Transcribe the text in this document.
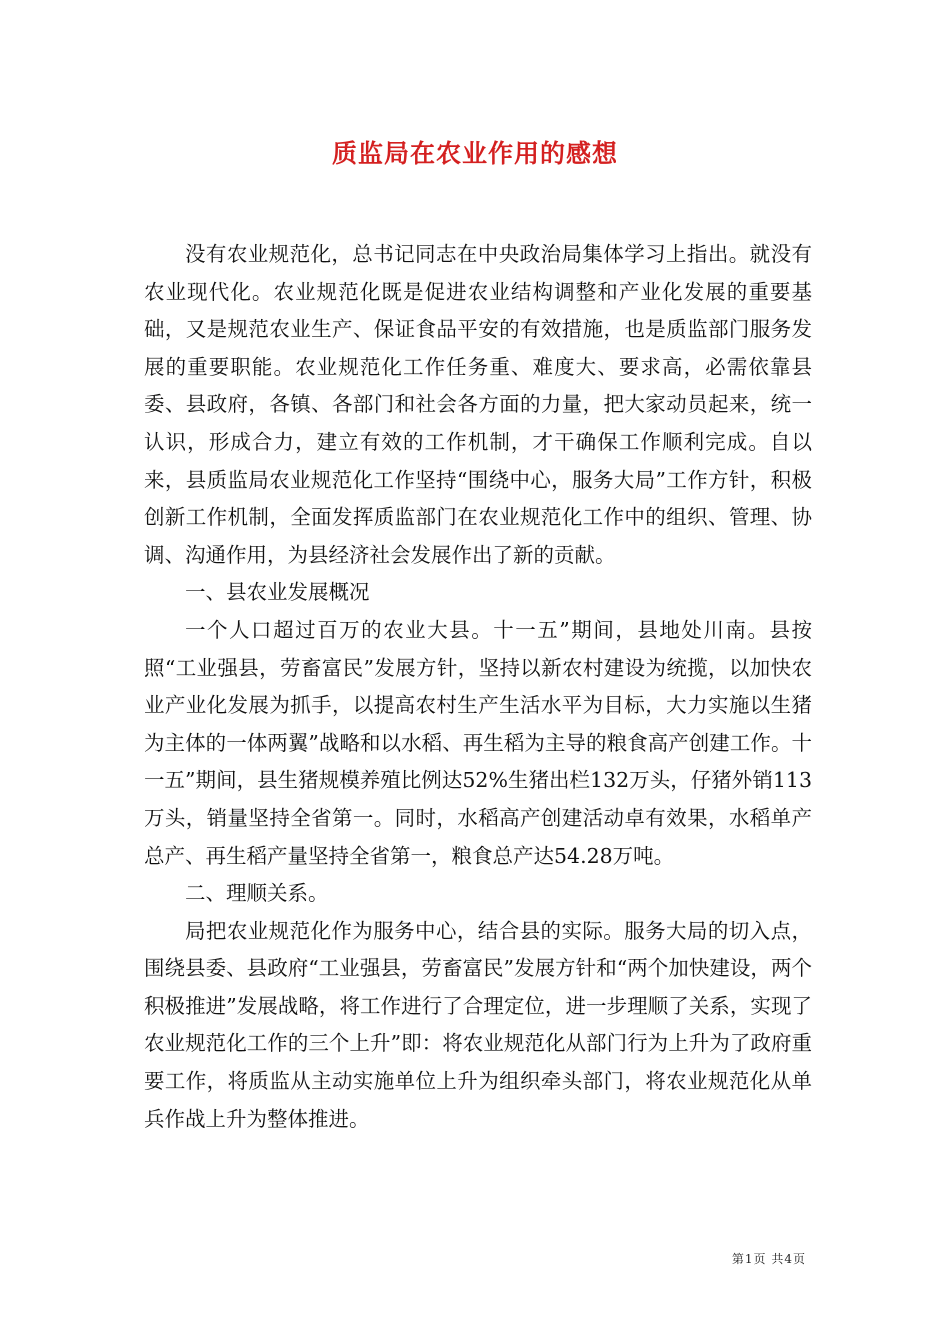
质监局在农业作用的感想

没有农业规范化，总书记同志在中央政治局集体学习上指出。就没有农业现代化。农业规范化既是促进农业结构调整和产业化发展的重要基础，又是规范农业生产、保证食品平安的有效措施，也是质监部门服务发展的重要职能。农业规范化工作任务重、难度大、要求高，必需依靠县委、县政府，各镇、各部门和社会各方面的力量，把大家动员起来，统一认识，形成合力，建立有效的工作机制，才干确保工作顺利完成。自以来，县质监局农业规范化工作坚持“围绕中心，服务大局”工作方针，积极创新工作机制，全面发挥质监部门在农业规范化工作中的组织、管理、协调、沟通作用，为县经济社会发展作出了新的贡献。

一、县农业发展概况

一个人口超过百万的农业大县。十一五”期间，县地处川南。县按照“工业强县，劳畜富民”发展方针，坚持以新农村建设为统揽，以加快农业产业化发展为抓手，以提高农村生产生活水平为目标，大力实施以生猪为主体的一体两翼”战略和以水稻、再生稻为主导的粮食高产创建工作。十一五”期间，县生猪规模养殖比例达52%生猪出栏132万头，仔猪外销113万头，销量坚持全省第一。同时，水稻高产创建活动卓有效果，水稻单产总产、再生稻产量坚持全省第一，粮食总产达54.28万吨。

二、理顺关系。

局把农业规范化作为服务中心，结合县的实际。服务大局的切入点，围绕县委、县政府“工业强县，劳畜富民”发展方针和“两个加快建设，两个积极推进”发展战略，将工作进行了合理定位，进一步理顺了关系，实现了农业规范化工作的三个上升”即：将农业规范化从部门行为上升为了政府重要工作，将质监从主动实施单位上升为组织牵头部门，将农业规范化从单兵作战上升为整体推进。

第1页 共4页
